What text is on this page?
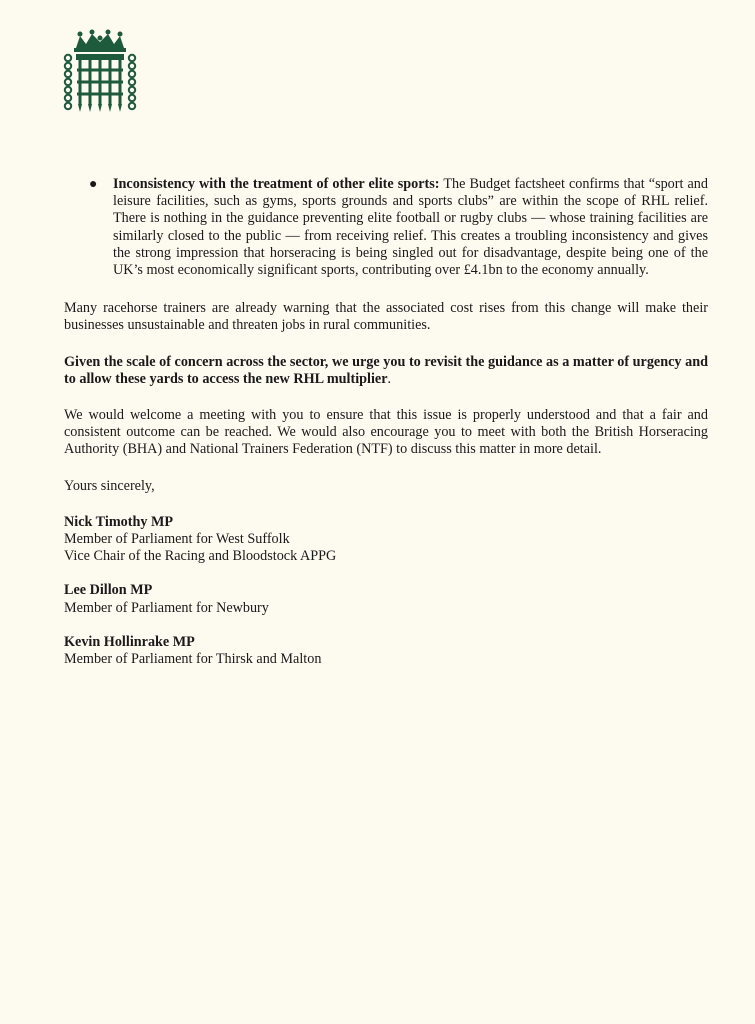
●	Inconsistency with the treatment of other elite sports: The Budget factsheet confirms that “sport and leisure facilities, such as gyms, sports grounds and sports clubs” are within the scope of RHL relief. There is nothing in the guidance preventing elite football or rugby clubs — whose training facilities are similarly closed to the public — from receiving relief. This creates a troubling inconsistency and gives the strong impression that horseracing is being singled out for disadvantage, despite being one of the UK’s most economically significant sports, contributing over £4.1bn to the economy annually.

Many racehorse trainers are already warning that the associated cost rises from this change will make their businesses unsustainable and threaten jobs in rural communities.

Given the scale of concern across the sector, we urge you to revisit the guidance as a matter of urgency and to allow these yards to access the new RHL multiplier.

We would welcome a meeting with you to ensure that this issue is properly understood and that a fair and consistent outcome can be reached. We would also encourage you to meet with both the British Horseracing Authority (BHA) and National Trainers Federation (NTF) to discuss this matter in more detail.

Yours sincerely,

Nick Timothy MP
Member of Parliament for West Suffolk
Vice Chair of the Racing and Bloodstock APPG
Lee Dillon MP
Member of Parliament for Newbury
Kevin Hollinrake MP
Member of Parliament for Thirsk and Malton
